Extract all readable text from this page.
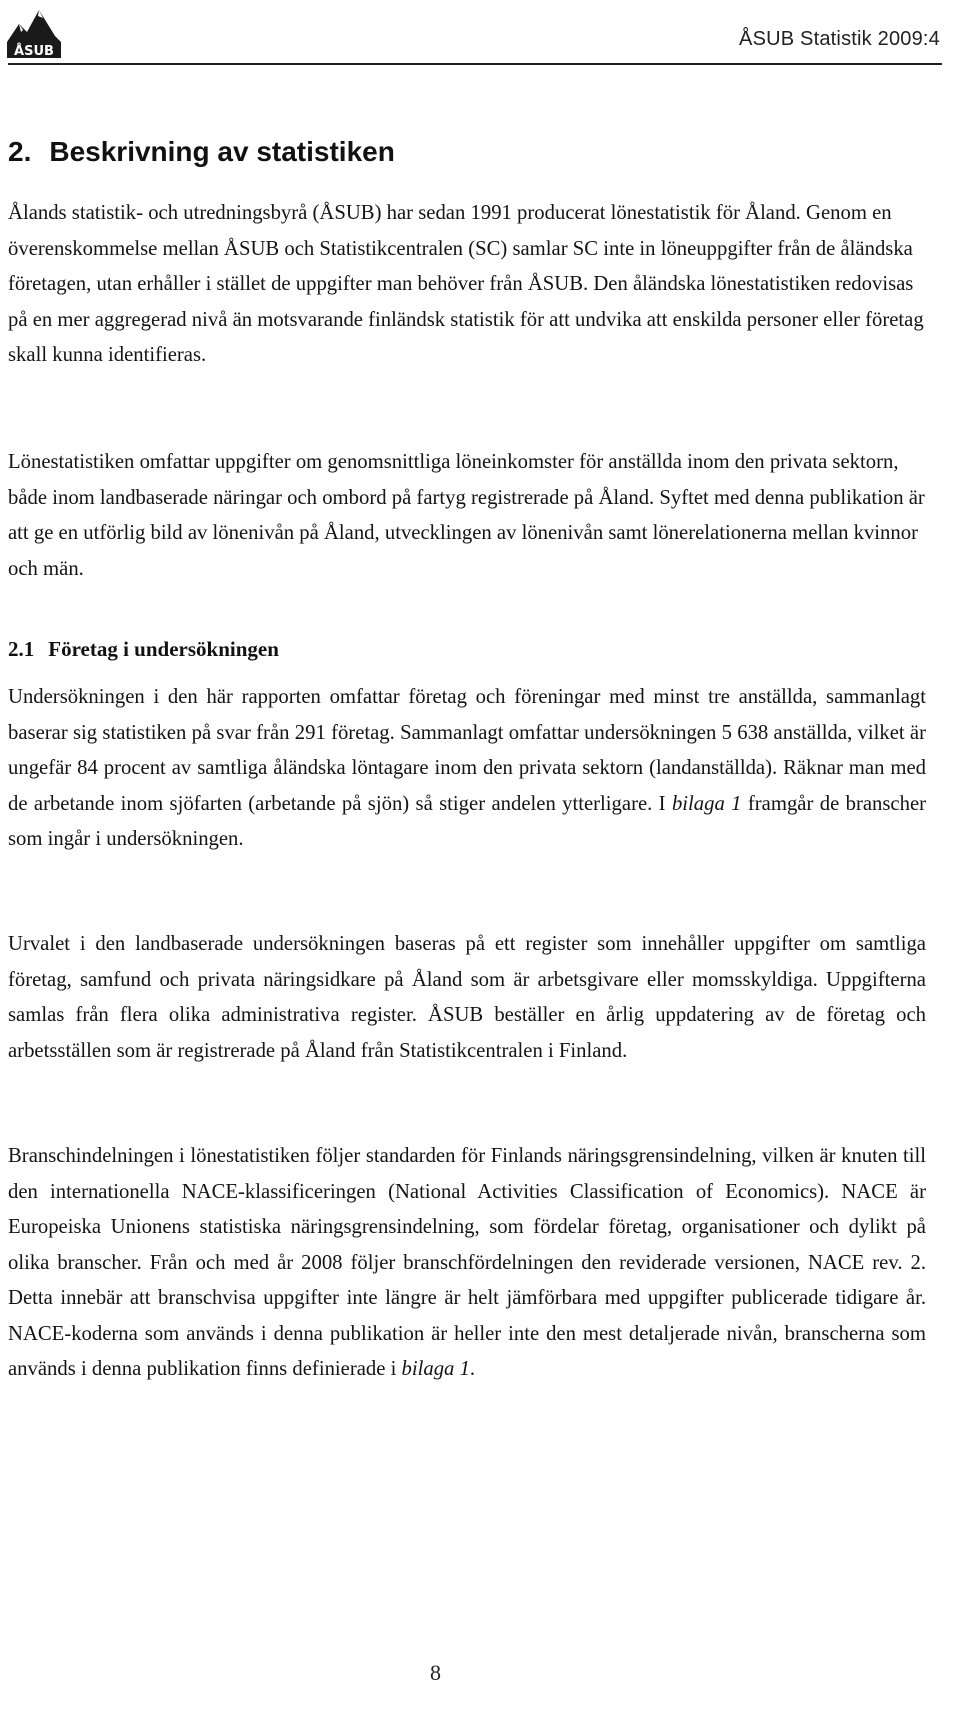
ÅSUB
ÅSUB Statistik 2009:4
2. Beskrivning av statistiken

Ålands statistik- och utredningsbyrå (ÅSUB) har sedan 1991 producerat lönestatistik för Åland. Genom en överenskommelse mellan ÅSUB och Statistikcentralen (SC) samlar SC inte in löneuppgifter från de åländska företagen, utan erhåller i stället de uppgifter man behöver från ÅSUB. Den åländska lönestatistiken redovisas på en mer aggregerad nivå än motsvarande finländsk statistik för att undvika att enskilda personer eller företag skall kunna identifieras.

Lönestatistiken omfattar uppgifter om genomsnittliga löneinkomster för anställda inom den privata sektorn, både inom landbaserade näringar och ombord på fartyg registrerade på Åland. Syftet med denna publikation är att ge en utförlig bild av lönenivån på Åland, utvecklingen av lönenivån samt lönerelationerna mellan kvinnor och män.

2.1 Företag i undersökningen

Undersökningen i den här rapporten omfattar företag och föreningar med minst tre anställda, sammanlagt baserar sig statistiken på svar från 291 företag. Sammanlagt omfattar undersökningen 5 638 anställda, vilket är ungefär 84 procent av samtliga åländska löntagare inom den privata sektorn (landanställda). Räknar man med de arbetande inom sjöfarten (arbetande på sjön) så stiger andelen ytterligare. I bilaga 1 framgår de branscher som ingår i undersökningen.

Urvalet i den landbaserade undersökningen baseras på ett register som innehåller uppgifter om samtliga företag, samfund och privata näringsidkare på Åland som är arbetsgivare eller momsskyldiga. Uppgifterna samlas från flera olika administrativa register. ÅSUB beställer en årlig uppdatering av de företag och arbetsställen som är registrerade på Åland från Statistikcentralen i Finland.

Branschindelningen i lönestatistiken följer standarden för Finlands näringsgrensindelning, vilken är knuten till den internationella NACE-klassificeringen (National Activities Classification of Economics). NACE är Europeiska Unionens statistiska näringsgrensindelning, som fördelar företag, organisationer och dylikt på olika branscher. Från och med år 2008 följer branschfördelningen den reviderade versionen, NACE rev. 2. Detta innebär att branschvisa uppgifter inte längre är helt jämförbara med uppgifter publicerade tidigare år. NACE-koderna som används i denna publikation är heller inte den mest detaljerade nivån, branscherna som används i denna publikation finns definierade i bilaga 1.

8
